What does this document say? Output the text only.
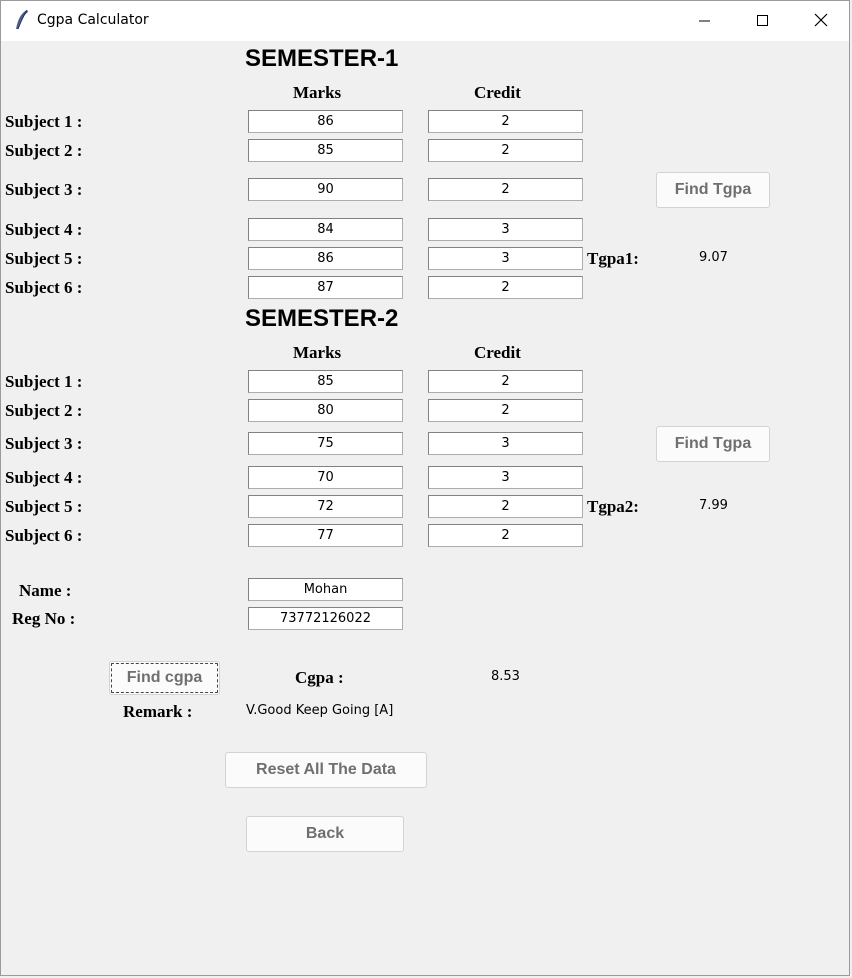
Cgpa Calculator
SEMESTER-1
Marks	Credit
Subject 1 :	86	2
Subject 2 :	85	2
Subject 3 :	90	2	Find Tgpa
Subject 4 :	84	3
Subject 5 :	86	3	Tgpa1:	9.07
Subject 6 :	87	2
SEMESTER-2
Marks	Credit
Subject 1 :	85	2
Subject 2 :	80	2
Subject 3 :	75	3	Find Tgpa
Subject 4 :	70	3
Subject 5 :	72	2	Tgpa2:	7.99
Subject 6 :	77	2
Name :	Mohan
Reg No :	73772126022
Find cgpa	Cgpa :	8.53
Remark :	V.Good Keep Going [A]
Reset All The Data
Back
